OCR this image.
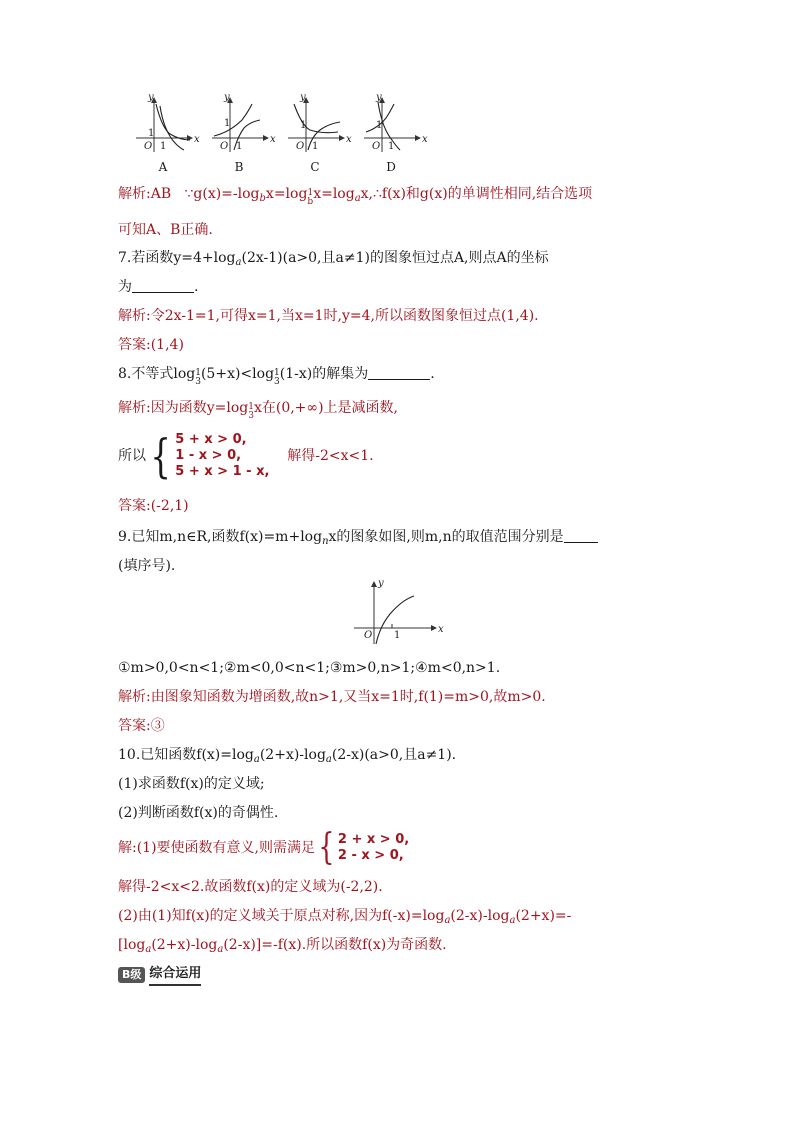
y
x
O
y
x
O
y
x
O
y
x
O
1
1
1
1
1
1
1
1
A	B	C	D
解析:AB $\because g(x)=-\log_bx=\log 1$
$bx=\log_ax,\therefore f(x)$和g(x)的单调性相同,结合选项
可知A、B正确.
7.若函数$y=4+\log_a(2x-1)(a>0$,且a≠1)的图象恒过点A,则点A的坐标
为	.
解析:令2x-1=1,可得x=1,当x=1时,y=4,所以函数图象恒过点(1,4).
答案:(1,4)
8.不等式log1
3(5+x)<log1
3(1-x)的解集为	.
解析:因为函数y=log1
3x在(0,+∞)上是减函数,
所以{ 5 + x > 0,
1 - x > 0,
5 + x > 1 - x,    解得-2<x<1.
答案:(-2,1)
9.已知m,n∈R,函数$f(x)=m+\log_nx$的图象如图,则m,n的取值范围分别是
(填序号).
y
x
O 1
①m>0,0<n<1;②m<0,0<n<1;③m>0,n>1;④m<0,n>1.
解析:由图象知函数为增函数,故n>1,又当x=1时,f(1)=m>0,故m>0.
答案:③
10.已知函数$f(x)=\log_a(2+x)-\log_a(2-x)(a>0$,且a≠1).
(1)求函数f(x)的定义域;
(2)判断函数f(x)的奇偶性.
解:(1)要使函数有意义,则需满足{ 2 + x > 0,
2 - x > 0,
解得-2<x<2.故函数f(x)的定义域为(-2,2).
(2)由(1)知f(x)的定义域关于原点对称,因为$f(-x)=\log_a(2-x)-\log_a(2+x)=-$
$[\log_a(2+x)-\log_a(2-x)]=-f(x)$.所以函数f(x)为奇函数.
B级 综合运用
